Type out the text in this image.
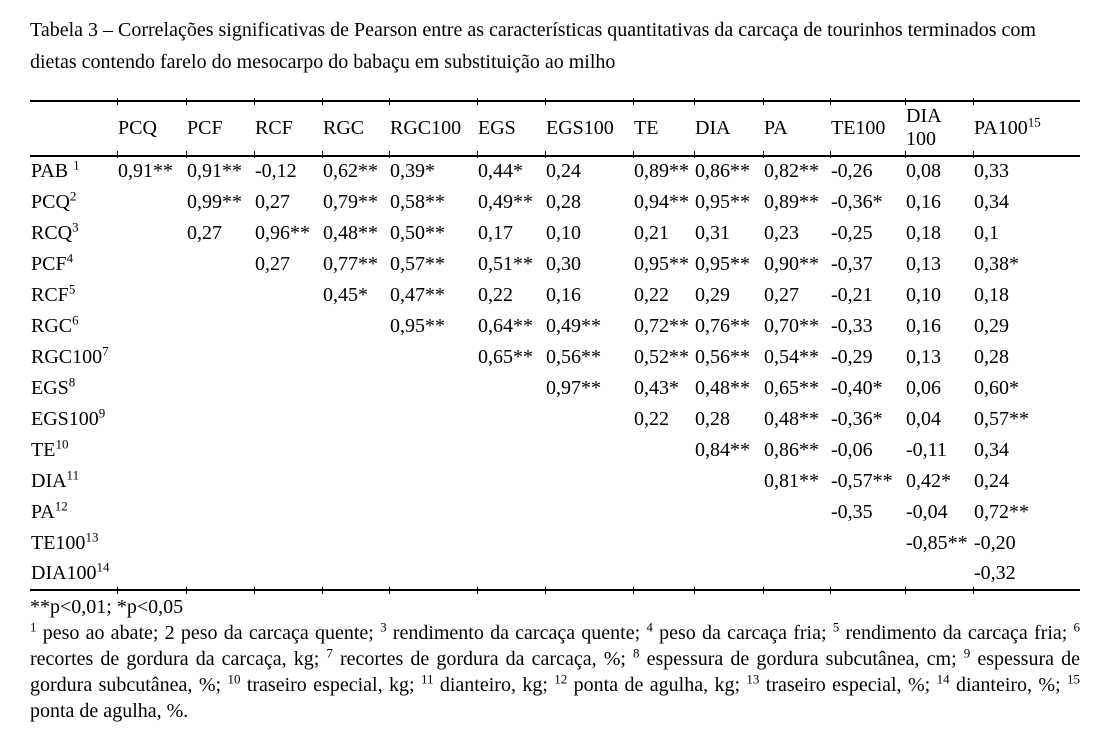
Tabela 3 – Correlações significativas de Pearson entre as características quantitativas da carcaça de tourinhos terminados com dietas contendo farelo do mesocarpo do babaçu em substituição ao milho

	PCQ	PCF	RCF	RGC	RGC100	EGS	EGS100	TE	DIA	PA	TE100	DIA 100	$PA100^{15}$
PAB $^1$	0,91**	0,91**	-0,12	0,62**	0,39*	0,44*	0,24	0,89**	0,86**	0,82**	-0,26	0,08	0,33
PCQ$^2$		0,99**	0,27	0,79**	0,58**	0,49**	0,28	0,94**	0,95**	0,89**	-0,36*	0,16	0,34
RCQ$^3$		0,27	0,96**	0,48**	0,50**	0,17	0,10	0,21	0,31	0,23	-0,25	0,18	0,1
PCF$^4$			0,27	0,77**	0,57**	0,51**	0,30	0,95**	0,95**	0,90**	-0,37	0,13	0,38*
RCF$^5$				0,45*	0,47**	0,22	0,16	0,22	0,29	0,27	-0,21	0,10	0,18
RGC$^6$					0,95**	0,64**	0,49**	0,72**	0,76**	0,70**	-0,33	0,16	0,29
$RGC100^7$						0,65**	0,56**	0,52**	0,56**	0,54**	-0,29	0,13	0,28
EGS$^8$							0,97**	0,43*	0,48**	0,65**	-0,40*	0,06	0,60*
$EGS100^9$								0,22	0,28	0,48**	-0,36*	0,04	0,57**
TE$^{10}$									0,84**	0,86**	-0,06	-0,11	0,34
DIA$^{11}$										0,81**	-0,57**	0,42*	0,24
PA$^{12}$											-0,35	-0,04	0,72**
$TE100^{13}$												-0,85**	-0,20
$DIA100^{14}$													-0,32

**p<0,01; *p<0,05

$^1$ peso ao abate; 2 peso da carcaça quente; $^3$ rendimento da carcaça quente; $^4$ peso da carcaça fria; $^5$ rendimento da carcaça fria; $^6$ recortes de gordura da carcaça, kg; $^7$ recortes de gordura da carcaça, %; $^8$ espessura de gordura subcutânea, cm; $^9$ espessura de gordura subcutânea, %; $^{10}$ traseiro especial, kg; $^{11}$ dianteiro, kg; $^{12}$ ponta de agulha, kg; $^{13}$ traseiro especial, %; $^{14}$ dianteiro, %; $^{15}$ ponta de agulha, %.
